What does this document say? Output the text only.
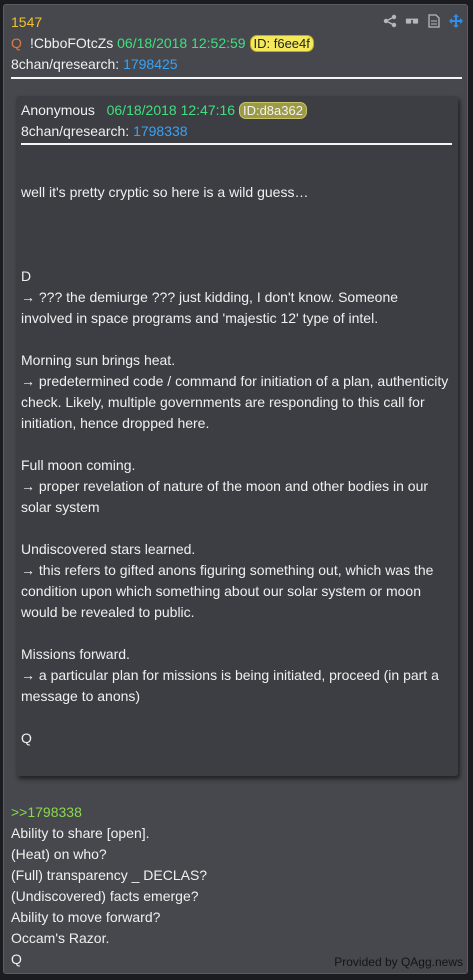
1547
Q !CbboFOtcZs 06/18/2018 12:52:59 ID: f6ee4f
8chan/qresearch: 1798425
Anonymous 06/18/2018 12:47:16 ID:d8a362
8chan/qresearch: 1798338

well it's pretty cryptic so here is a wild guess…

D

→ ??? the demiurge ??? just kidding, I don't know. Someone involved in space programs and 'majestic 12' type of intel.

Morning sun brings heat.

→ predetermined code / command for initiation of a plan, authenticity check. Likely, multiple governments are responding to this call for initiation, hence dropped here.

Full moon coming.

→ proper revelation of nature of the moon and other bodies in our solar system

Undiscovered stars learned.

→ this refers to gifted anons figuring something out, which was the condition upon which something about our solar system or moon would be revealed to public.

Missions forward.

→ a particular plan for missions is being initiated, proceed (in part a message to anons)

Q

>>1798338

Ability to share [open].

(Heat) on who?

(Full) transparency _ DECLAS?

(Undiscovered) facts emerge?

Ability to move forward?

Occam's Razor.

Q	Provided by QAgg.news
